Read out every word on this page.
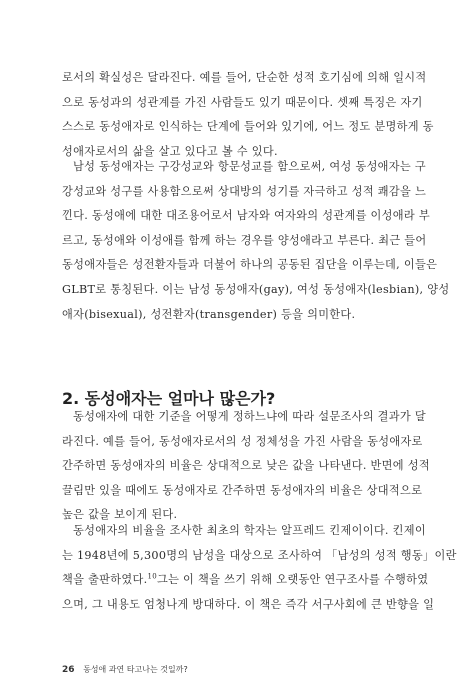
로서의 확실성은 달라진다. 예를 들어, 단순한 성적 호기심에 의해 일시적
으로 동성과의 성관계를 가진 사람들도 있기 때문이다. 셋째 특징은 자기
스스로 동성애자로 인식하는 단계에 들어와 있기에, 어느 정도 분명하게 동
성애자로서의 삶을 살고 있다고 볼 수 있다.
남성 동성애자는 구강성교와 항문성교를 함으로써, 여성 동성애자는 구
강성교와 성구를 사용함으로써 상대방의 성기를 자극하고 성적 쾌감을 느
낀다. 동성애에 대한 대조용어로서 남자와 여자와의 성관계를 이성애라 부
르고, 동성애와 이성애를 함께 하는 경우를 양성애라고 부른다. 최근 들어
동성애자들은 성전환자들과 더불어 하나의 공동된 집단을 이루는데, 이들은
GLBT로 통칭된다. 이는 남성 동성애자(gay), 여성 동성애자(lesbian), 양성
애자(bisexual), 성전환자(transgender) 등을 의미한다.
2. 동성애자는 얼마나 많은가?
동성애자에 대한 기준을 어떻게 정하느냐에 따라 설문조사의 결과가 달
라진다. 예를 들어, 동성애자로서의 성 정체성을 가진 사람을 동성애자로
간주하면 동성애자의 비율은 상대적으로 낮은 값을 나타낸다. 반면에 성적
끌림만 있을 때에도 동성애자로 간주하면 동성애자의 비율은 상대적으로
높은 값을 보이게 된다.
동성애자의 비율을 조사한 최초의 학자는 알프레드 킨제이이다. 킨제이
는 1948년에 5,300명의 남성을 대상으로 조사하여 「남성의 성적 행동」이란
책을 출판하였다.$^{10}$그는 이 책을 쓰기 위해 오랫동안 연구조사를 수행하였
으며, 그 내용도 엄청나게 방대하다. 이 책은 즉각 서구사회에 큰 반향을 일
26 동성애 과연 타고나는 것일까?
